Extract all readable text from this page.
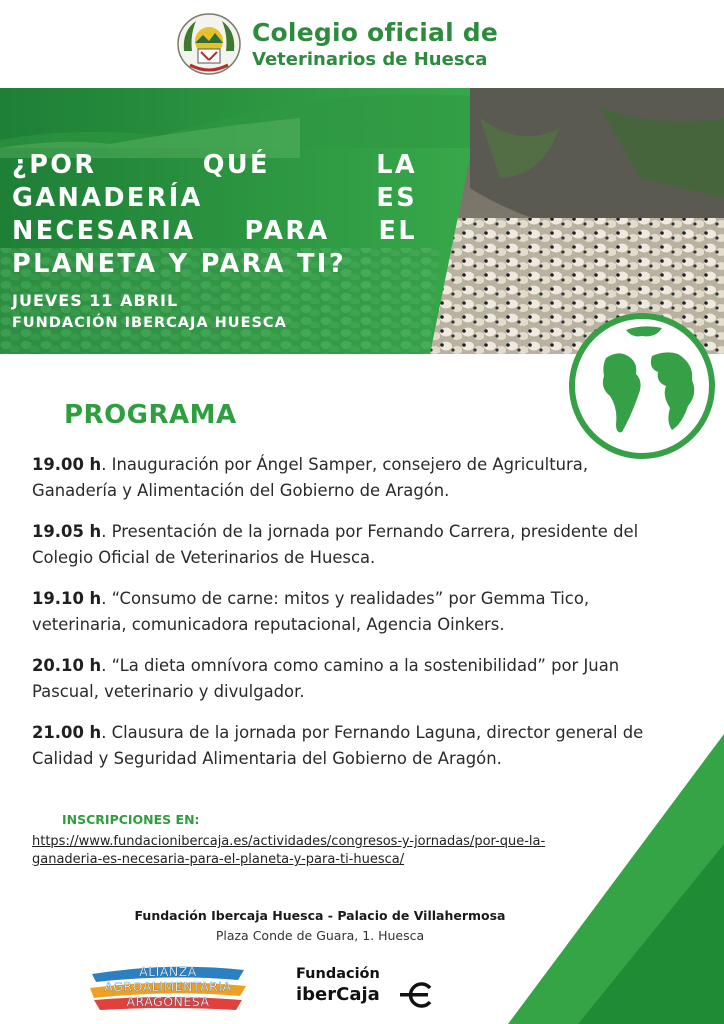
Colegio oficial de
Veterinarios de Huesca
¿POR QUÉ LA GANADERÍA ES NECESARIA PARA EL PLANETA Y PARA TI?
JUEVES 11 ABRIL
FUNDACIÓN IBERCAJA HUESCA
PROGRAMA
19.00 h. Inauguración por Ángel Samper, consejero de Agricultura, Ganadería y Alimentación del Gobierno de Aragón.
19.05 h. Presentación de la jornada por Fernando Carrera, presidente del Colegio Oficial de Veterinarios de Huesca.
19.10 h. “Consumo de carne: mitos y realidades” por Gemma Tico, veterinaria, comunicadora reputacional, Agencia Oinkers.
20.10 h. “La dieta omnívora como camino a la sostenibilidad” por Juan Pascual, veterinario y divulgador.
21.00 h. Clausura de la jornada por Fernando Laguna, director general de Calidad y Seguridad Alimentaria del Gobierno de Aragón.
INSCRIPCIONES EN:
https://www.fundacionibercaja.es/actividades/congresos-y-jornadas/por-que-la-ganaderia-es-necesaria-para-el-planeta-y-para-ti-huesca/
Fundación Ibercaja Huesca - Palacio de Villahermosa
Plaza Conde de Guara, 1. Huesca
ALIANZA
AGROALIMENTARIA
ARAGONESA
Fundación
iberCaja
